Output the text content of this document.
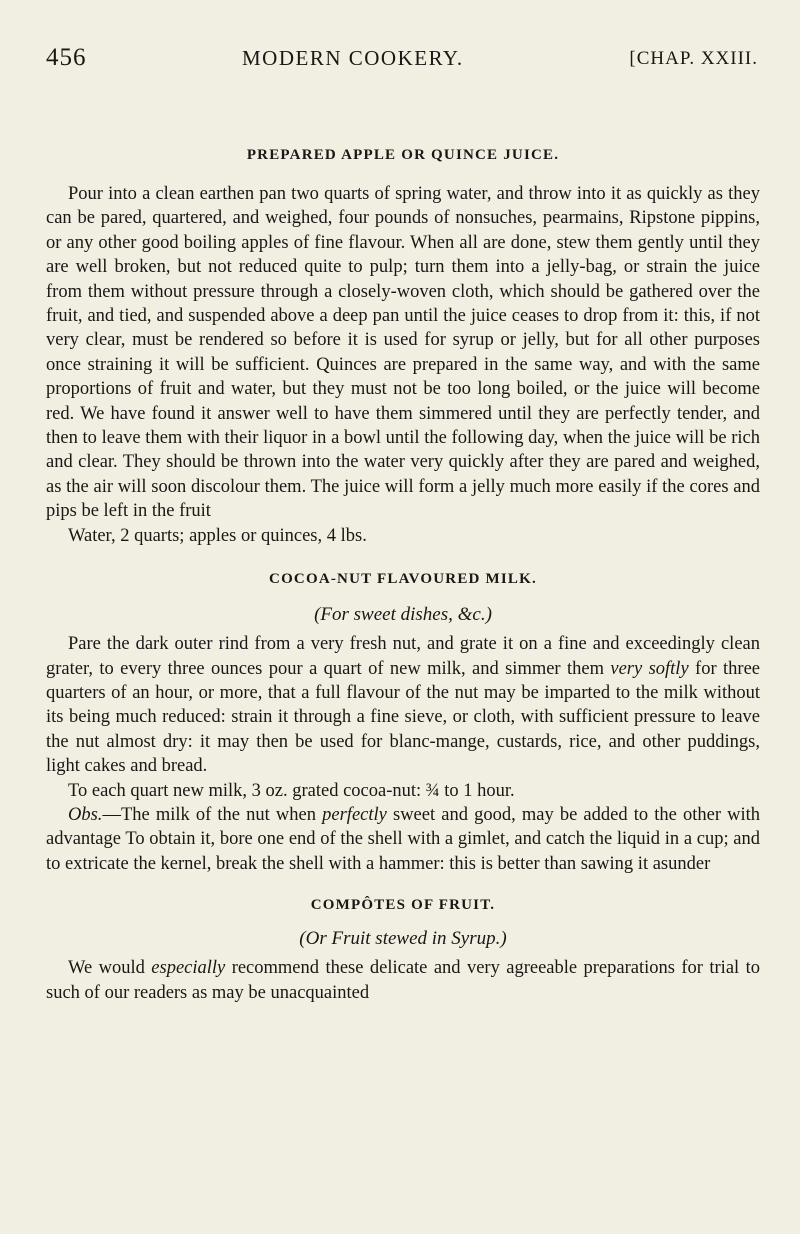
456	MODERN COOKERY.	[CHAP. XXIII.
PREPARED APPLE OR QUINCE JUICE.

Pour into a clean earthen pan two quarts of spring water, and throw into it as quickly as they can be pared, quartered, and weighed, four pounds of nonsuches, pearmains, Ripstone pippins, or any other good boiling apples of fine flavour. When all are done, stew them gently until they are well broken, but not reduced quite to pulp; turn them into a jelly-bag, or strain the juice from them without pressure through a closely-woven cloth, which should be gathered over the fruit, and tied, and suspended above a deep pan until the juice ceases to drop from it: this, if not very clear, must be rendered so before it is used for syrup or jelly, but for all other purposes once straining it will be sufficient. Quinces are prepared in the same way, and with the same proportions of fruit and water, but they must not be too long boiled, or the juice will become red. We have found it answer well to have them simmered until they are perfectly tender, and then to leave them with their liquor in a bowl until the following day, when the juice will be rich and clear. They should be thrown into the water very quickly after they are pared and weighed, as the air will soon discolour them. The juice will form a jelly much more easily if the cores and pips be left in the fruit

Water, 2 quarts; apples or quinces, 4 lbs.

COCOA-NUT FLAVOURED MILK.

(For sweet dishes, &c.)

Pare the dark outer rind from a very fresh nut, and grate it on a fine and exceedingly clean grater, to every three ounces pour a quart of new milk, and simmer them very softly for three quarters of an hour, or more, that a full flavour of the nut may be imparted to the milk without its being much reduced: strain it through a fine sieve, or cloth, with sufficient pressure to leave the nut almost dry: it may then be used for blanc-mange, custards, rice, and other puddings, light cakes and bread.

To each quart new milk, 3 oz. grated cocoa-nut: ¾ to 1 hour.

Obs.—The milk of the nut when perfectly sweet and good, may be added to the other with advantage To obtain it, bore one end of the shell with a gimlet, and catch the liquid in a cup; and to extricate the kernel, break the shell with a hammer: this is better than sawing it asunder

COMPÔTES OF FRUIT.

(Or Fruit stewed in Syrup.)

We would especially recommend these delicate and very agreeable preparations for trial to such of our readers as may be unacquainted
